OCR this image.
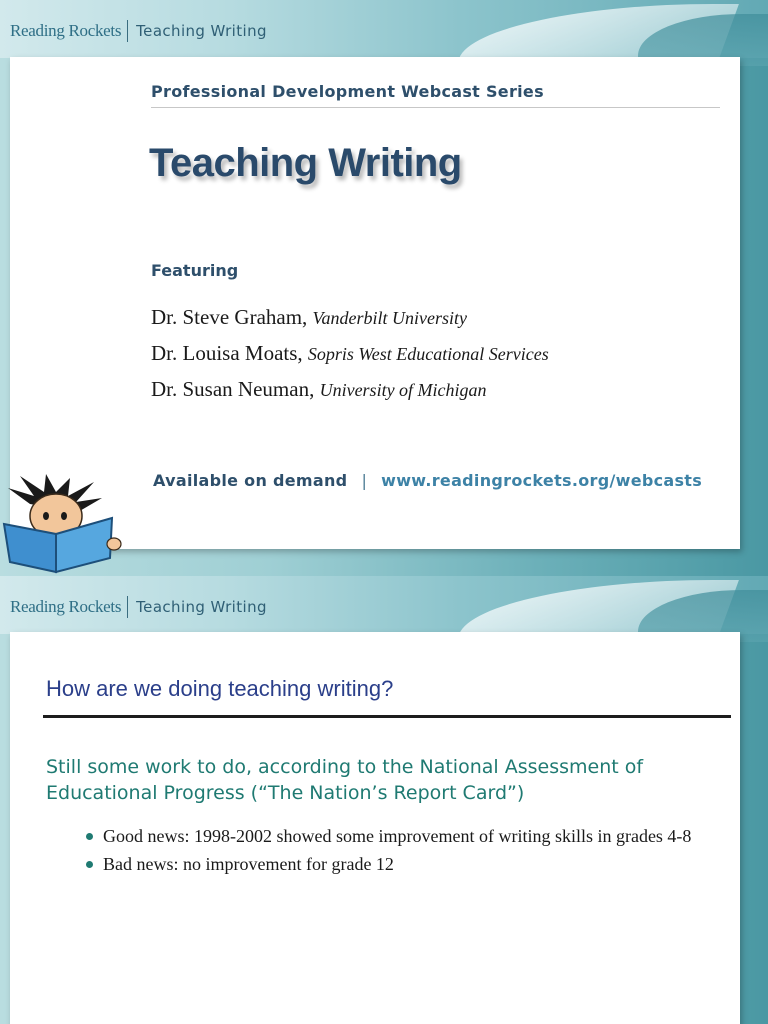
Reading Rockets Teaching Writing
Professional Development Webcast Series
Teaching Writing
Featuring
Dr. Steve Graham, Vanderbilt University
Dr. Louisa Moats, Sopris West Educational Services
Dr. Susan Neuman, University of Michigan
Available on demand | www.readingrockets.org/webcasts
Reading Rockets Teaching Writing
How are we doing teaching writing?
Still some work to do, according to the National Assessment of Educational Progress (“The Nation’s Report Card”)
Good news: 1998-2002 showed some improvement of writing skills in grades 4-8
Bad news: no improvement for grade 12
